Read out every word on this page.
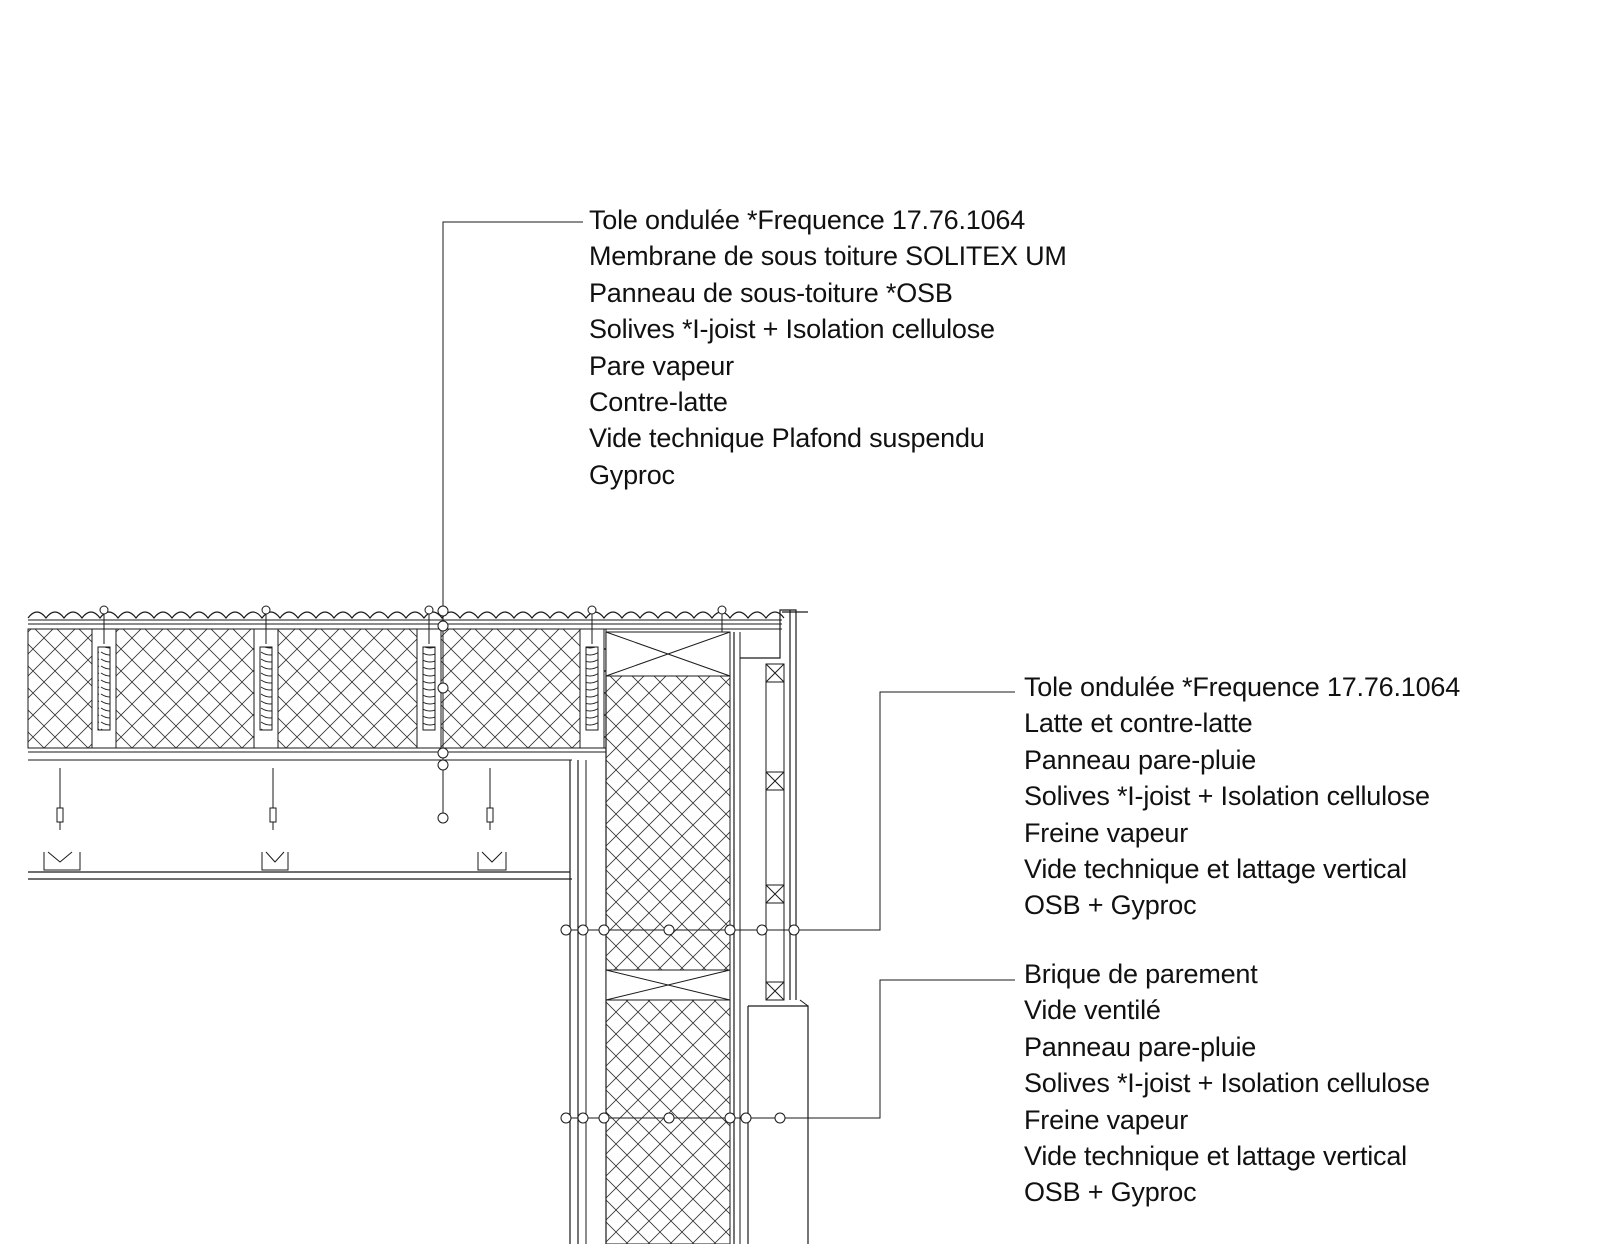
Tole ondulée *Frequence 17.76.1064
Membrane de sous toiture SOLITEX UM
Panneau de sous-toiture *OSB
Solives *I-joist + Isolation cellulose
Pare vapeur
Contre-latte
Vide technique Plafond suspendu
Gyproc
Tole ondulée *Frequence 17.76.1064
Latte et contre-latte
Panneau pare-pluie
Solives *I-joist + Isolation cellulose
Freine vapeur
Vide technique et lattage vertical
OSB + Gyproc
Brique de parement
Vide ventilé
Panneau pare-pluie
Solives *I-joist + Isolation cellulose
Freine vapeur
Vide technique et lattage vertical
OSB + Gyproc
